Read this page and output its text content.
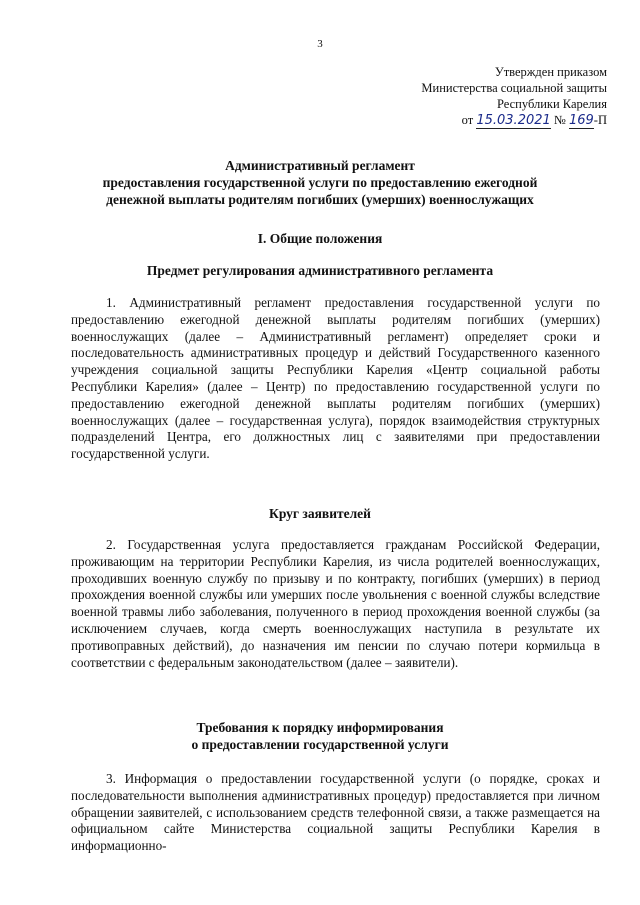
3
Утвержден приказом
Министерства социальной защиты
Республики Карелия
от 15.03.2021 № 169-П
Административный регламент
предоставления государственной услуги по предоставлению ежегодной
денежной выплаты родителям погибших (умерших) военнослужащих
I. Общие положения
Предмет регулирования административного регламента

1. Административный регламент предоставления государственной услуги по предоставлению ежегодной денежной выплаты родителям погибших (умерших) военнослужащих (далее – Административный регламент) определяет сроки и последовательность административных процедур и действий Государственного казенного учреждения социальной защиты Республики Карелия «Центр социальной работы Республики Карелия» (далее – Центр) по предоставлению государственной услуги по предоставлению ежегодной денежной выплаты родителям погибших (умерших) военнослужащих (далее – государственная услуга), порядок взаимодействия структурных подразделений Центра, его должностных лиц с заявителями при предоставлении государственной услуги.

Круг заявителей

2. Государственная услуга предоставляется гражданам Российской Федерации, проживающим на территории Республики Карелия, из числа родителей военнослужащих, проходивших военную службу по призыву и по контракту, погибших (умерших) в период прохождения военной службы или умерших после увольнения с военной службы вследствие военной травмы либо заболевания, полученного в период прохождения военной службы (за исключением случаев, когда смерть военнослужащих наступила в результате их противоправных действий), до назначения им пенсии по случаю потери кормильца в соответствии с федеральным законодательством (далее – заявители).

Требования к порядку информирования
о предоставлении государственной услуги

3. Информация о предоставлении государственной услуги (о порядке, сроках и последовательности выполнения административных процедур) предоставляется при личном обращении заявителей, с использованием средств телефонной связи, а также размещается на официальном сайте Министерства социальной защиты Республики Карелия в информационно-
